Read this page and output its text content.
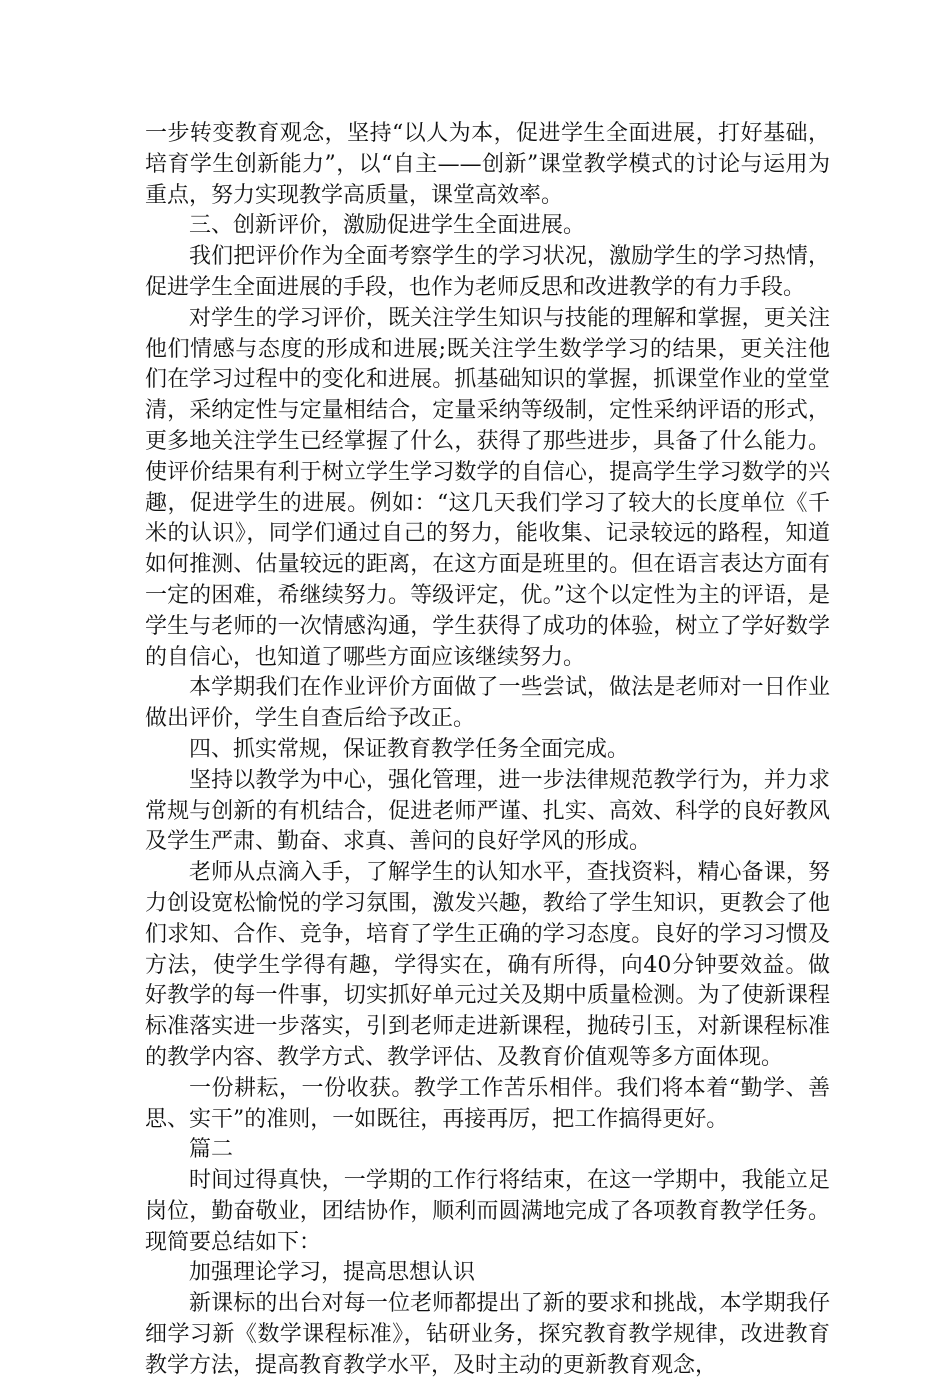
一步转变教育观念，坚持“以人为本，促进学生全面进展，打好基础，培育学生创新能力”，以“自主——创新”课堂教学模式的讨论与运用为重点，努力实现教学高质量，课堂高效率。

三、创新评价，激励促进学生全面进展。

我们把评价作为全面考察学生的学习状况，激励学生的学习热情，促进学生全面进展的手段，也作为老师反思和改进教学的有力手段。

对学生的学习评价，既关注学生知识与技能的理解和掌握，更关注他们情感与态度的形成和进展;既关注学生数学学习的结果，更关注他们在学习过程中的变化和进展。抓基础知识的掌握，抓课堂作业的堂堂清，采纳定性与定量相结合，定量采纳等级制，定性采纳评语的形式，更多地关注学生已经掌握了什么，获得了那些进步，具备了什么能力。使评价结果有利于树立学生学习数学的自信心，提高学生学习数学的兴趣，促进学生的进展。例如：“这几天我们学习了较大的长度单位《千米的认识》，同学们通过自己的努力，能收集、记录较远的路程，知道如何推测、估量较远的距离，在这方面是班里的。但在语言表达方面有一定的困难，希继续努力。等级评定，优。”这个以定性为主的评语，是学生与老师的一次情感沟通，学生获得了成功的体验，树立了学好数学的自信心，也知道了哪些方面应该继续努力。

本学期我们在作业评价方面做了一些尝试，做法是老师对一日作业做出评价，学生自查后给予改正。

四、抓实常规，保证教育教学任务全面完成。

坚持以教学为中心，强化管理，进一步法律规范教学行为，并力求常规与创新的有机结合，促进老师严谨、扎实、高效、科学的良好教风及学生严肃、勤奋、求真、善问的良好学风的形成。

老师从点滴入手，了解学生的认知水平，查找资料，精心备课，努力创设宽松愉悦的学习氛围，激发兴趣，教给了学生知识，更教会了他们求知、合作、竞争，培育了学生正确的学习态度。良好的学习习惯及方法，使学生学得有趣，学得实在，确有所得，向40分钟要效益。做好教学的每一件事，切实抓好单元过关及期中质量检测。为了使新课程标准落实进一步落实，引到老师走进新课程，抛砖引玉，对新课程标准的教学内容、教学方式、教学评估、及教育价值观等多方面体现。

一份耕耘，一份收获。教学工作苦乐相伴。我们将本着“勤学、善思、实干”的准则，一如既往，再接再厉，把工作搞得更好。

篇二

时间过得真快，一学期的工作行将结束，在这一学期中，我能立足岗位，勤奋敬业，团结协作，顺利而圆满地完成了各项教育教学任务。现简要总结如下：

加强理论学习，提高思想认识

新课标的出台对每一位老师都提出了新的要求和挑战，本学期我仔细学习新《数学课程标准》，钻研业务，探究教育教学规律，改进教育教学方法，提高教育教学水平，及时主动的更新教育观念，
